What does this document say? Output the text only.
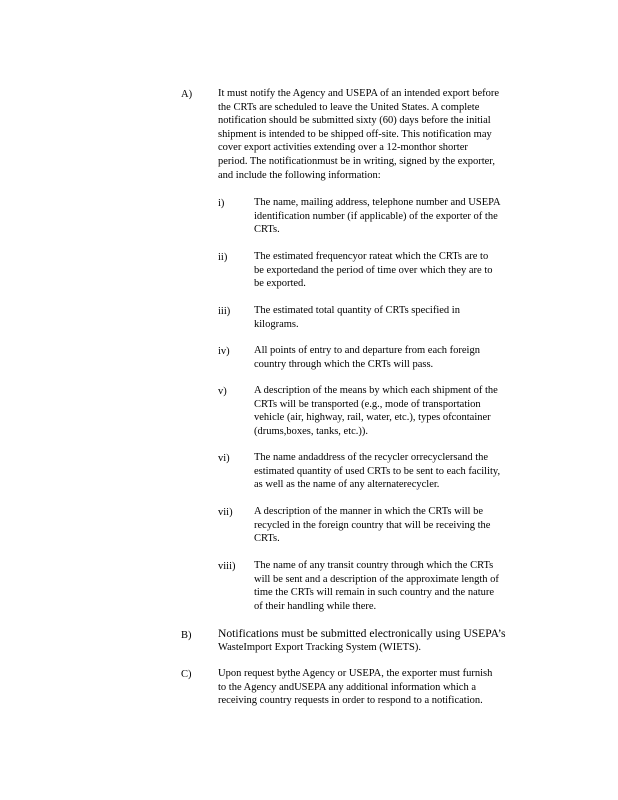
A) It must notify the Agency and USEPA of an intended export before
the CRTs are scheduled to leave the United States. A complete
notification should be submitted sixty (60) days before the initial
shipment is intended to be shipped off-site. This notification may
cover export activities extending over a 12-monthor shorter
period. The notificationmust be in writing, signed by the exporter,
and include the following information:
i)	The name, mailing address, telephone number and USEPA
identification number (if applicable) of the exporter of the
CRTs.
ii)	The estimated frequencyor rateat which the CRTs are to
be exportedand the period of time over which they are to
be exported.
iii) The estimated total quantity of CRTs specified in
kilograms.
iv) All points of entry to and departure from each foreign
country through which the CRTs will pass.
v)	A description of the means by which each shipment of the
CRTs will be transported (e.g., mode of transportation
vehicle (air, highway, rail, water, etc.), types ofcontainer
(drums,boxes, tanks, etc.)).
vi) The name andaddress of the recycler orrecyclersand the
estimated quantity of used CRTs to be sent to each facility,
as well as the name of any alternaterecycler.
vii) A description of the manner in which the CRTs will be
recycled in the foreign country that will be receiving the
CRTs.
viii) The name of any transit country through which the CRTs
will be sent and a description of the approximate length of
time the CRTs will remain in such country and the nature
of their handling while there.
B) Notifications must be submitted electronically using USEPA’s
WasteImport Export Tracking System (WIETS).
C)	Upon request bythe Agency or USEPA, the exporter must furnish
to the Agency andUSEPA any additional information which a
receiving country requests in order to respond to a notification.
